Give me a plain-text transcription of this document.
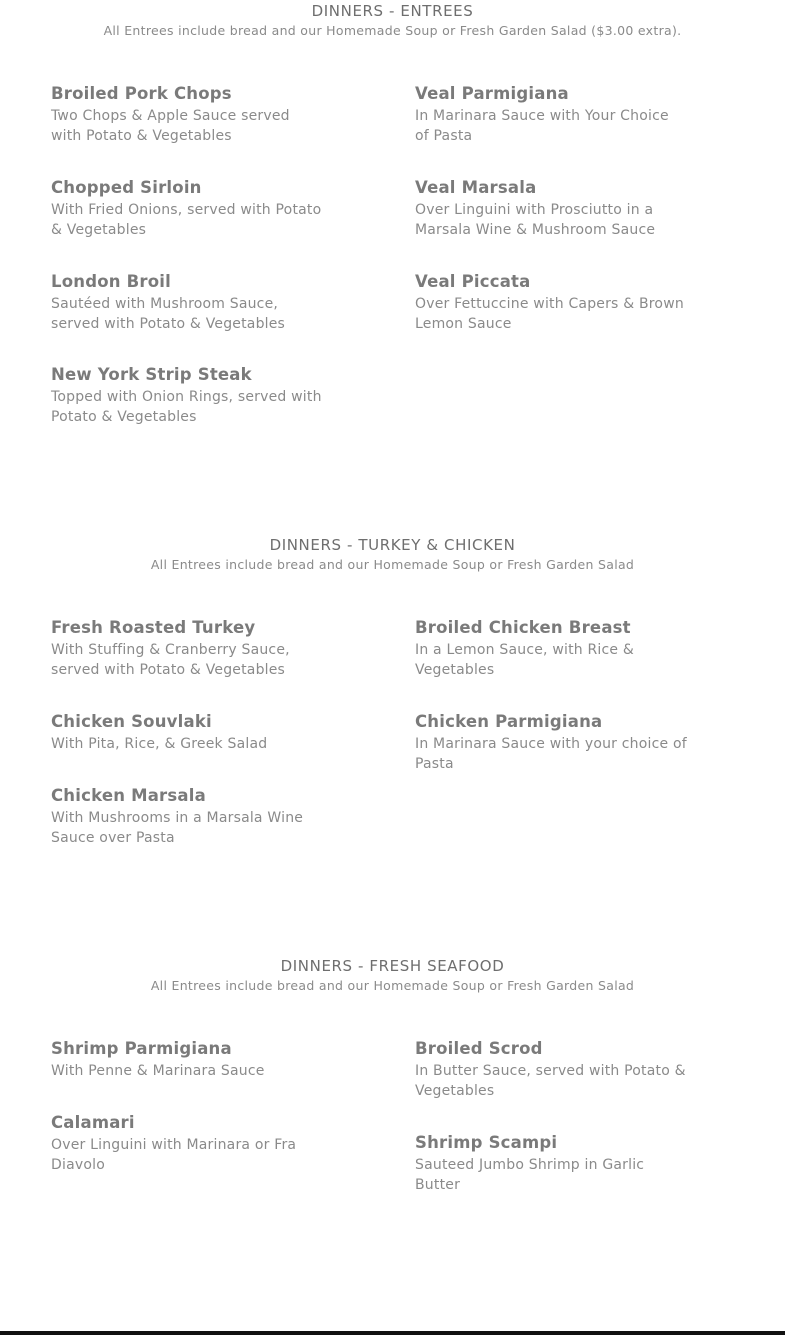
DINNERS - ENTREES
All Entrees include bread and our Homemade Soup or Fresh Garden Salad ($3.00 extra).
Broiled Pork Chops
Two Chops & Apple Sauce served
with Potato & Vegetables
Veal Parmigiana
In Marinara Sauce with Your Choice
of Pasta
Chopped Sirloin
With Fried Onions, served with Potato
& Vegetables
Veal Marsala
Over Linguini with Prosciutto in a
Marsala Wine & Mushroom Sauce
London Broil
Sautéed with Mushroom Sauce,
served with Potato & Vegetables
Veal Piccata
Over Fettuccine with Capers & Brown
Lemon Sauce
New York Strip Steak
Topped with Onion Rings, served with
Potato & Vegetables
DINNERS - TURKEY & CHICKEN
All Entrees include bread and our Homemade Soup or Fresh Garden Salad
Fresh Roasted Turkey
With Stuffing & Cranberry Sauce,
served with Potato & Vegetables
Broiled Chicken Breast
In a Lemon Sauce, with Rice &
Vegetables
Chicken Souvlaki
With Pita, Rice, & Greek Salad
Chicken Parmigiana
In Marinara Sauce with your choice of
Pasta
Chicken Marsala
With Mushrooms in a Marsala Wine
Sauce over Pasta
DINNERS - FRESH SEAFOOD
All Entrees include bread and our Homemade Soup or Fresh Garden Salad
Shrimp Parmigiana
With Penne & Marinara Sauce
Broiled Scrod
In Butter Sauce, served with Potato &
Vegetables
Calamari
Over Linguini with Marinara or Fra
Diavolo
Shrimp Scampi
Sauteed Jumbo Shrimp in Garlic
Butter
